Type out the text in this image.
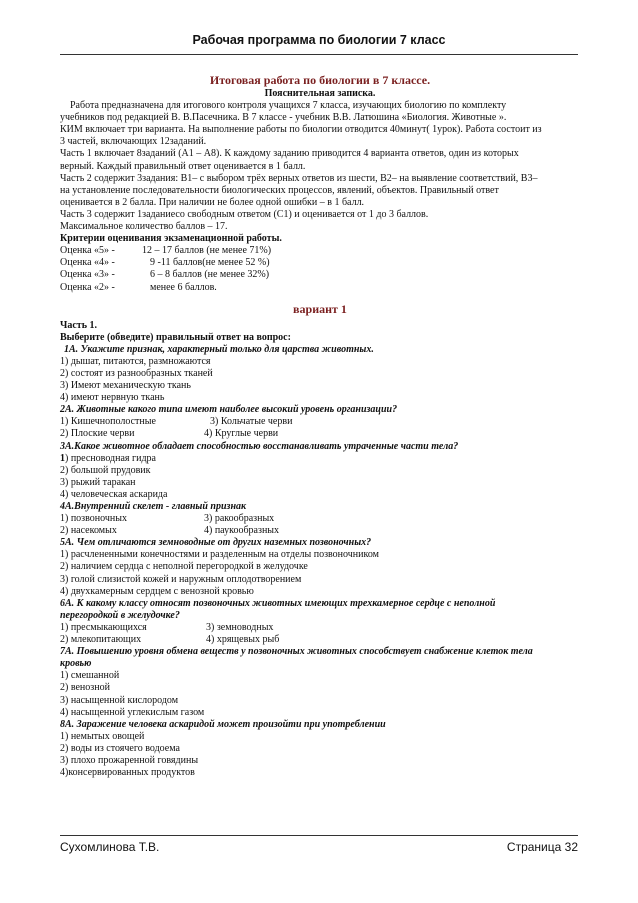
Рабочая программа по биологии 7 класс
Итоговая работа по биологии в 7 классе.
Пояснительная записка.
Работа предназначена для итогового контроля учащихся 7 класса, изучающих биологию по комплекту
учебников под редакцией В. В.Пасечника. В 7 классе - учебник В.В. Латюшина «Биология. Животные ».
КИМ включает три варианта. На выполнение работы по биологии отводится 40минут( 1урок). Работа состоит из
3 частей, включающих 12заданий.
Часть 1 включает 8заданий (А1 – А8). К каждому заданию приводится 4 варианта ответов, один из которых
верный. Каждый правильный ответ оценивается в 1 балл.
Часть 2 содержит 3задания: В1– с выбором трёх верных ответов из шести, В2– на выявление соответствий, В3–
на установление последовательности биологических процессов, явлений, объектов. Правильный ответ
оценивается в 2 балла. При наличии не более одной ошибки – в 1 балл.
Часть 3 содержит 1заданиесо свободным ответом (С1) и оценивается от 1 до 3 баллов.
Максимальное количество баллов – 17.
Критерии оценивания экзаменационной работы.
Оценка «5» -	12 – 17 баллов (не менее 71%)
Оценка «4» -	9 -11 баллов(не менее 52 %)
Оценка «3» -	6 – 8 баллов (не менее 32%)
Оценка «2» -	менее 6 баллов.
вариант 1
Часть 1.
Выберите (обведите) правильный ответ на вопрос:
1А. Укажите признак, характерный только для царства животных.
1) дышат, питаются, размножаются
2) состоят из разнообразных тканей
3) Имеют механическую ткань
4) имеют нервную ткань
2А. Животные какого типа имеют наиболее высокий уровень организации?
1) Кишечнополостные	3) Кольчатые черви
2) Плоские черви	4) Круглые черви
3А.Какое животное обладает способностью восстанавливать утраченные части тела?
1) пресноводная гидра
2) большой прудовик
3) рыжий таракан
4) человеческая аскарида
4А.Внутренний скелет - главный признак
1) позвоночных	3) ракообразных
2) насекомых	4) паукообразных
5А. Чем отличаются земноводные от других наземных позвоночных?
1) расчлененными конечностями и разделенным на отделы позвоночником
2) наличием сердца с неполной перегородкой в желудочке
3) голой слизистой кожей и наружным оплодотворением
4) двухкамерным сердцем с венозной кровью
6А. К какому классу относят позвоночных животных имеющих трехкамерное сердце с неполной
перегородкой в желудочке?
1) пресмыкающихся	3) земноводных
2) млекопитающих	4) хрящевых рыб
7А. Повышению уровня обмена веществ у позвоночных животных способствует снабжение клеток тела
кровью
1) смешанной
2) венозной
3) насыщенной кислородом
4) насыщенной углекислым газом
8А. Заражение человека аскаридой может произойти при употреблении
1) немытых овощей
2) воды из стоячего водоема
3) плохо прожаренной говядины
4)консервированных продуктов
Сухомлинова Т.В.	Страница 32
